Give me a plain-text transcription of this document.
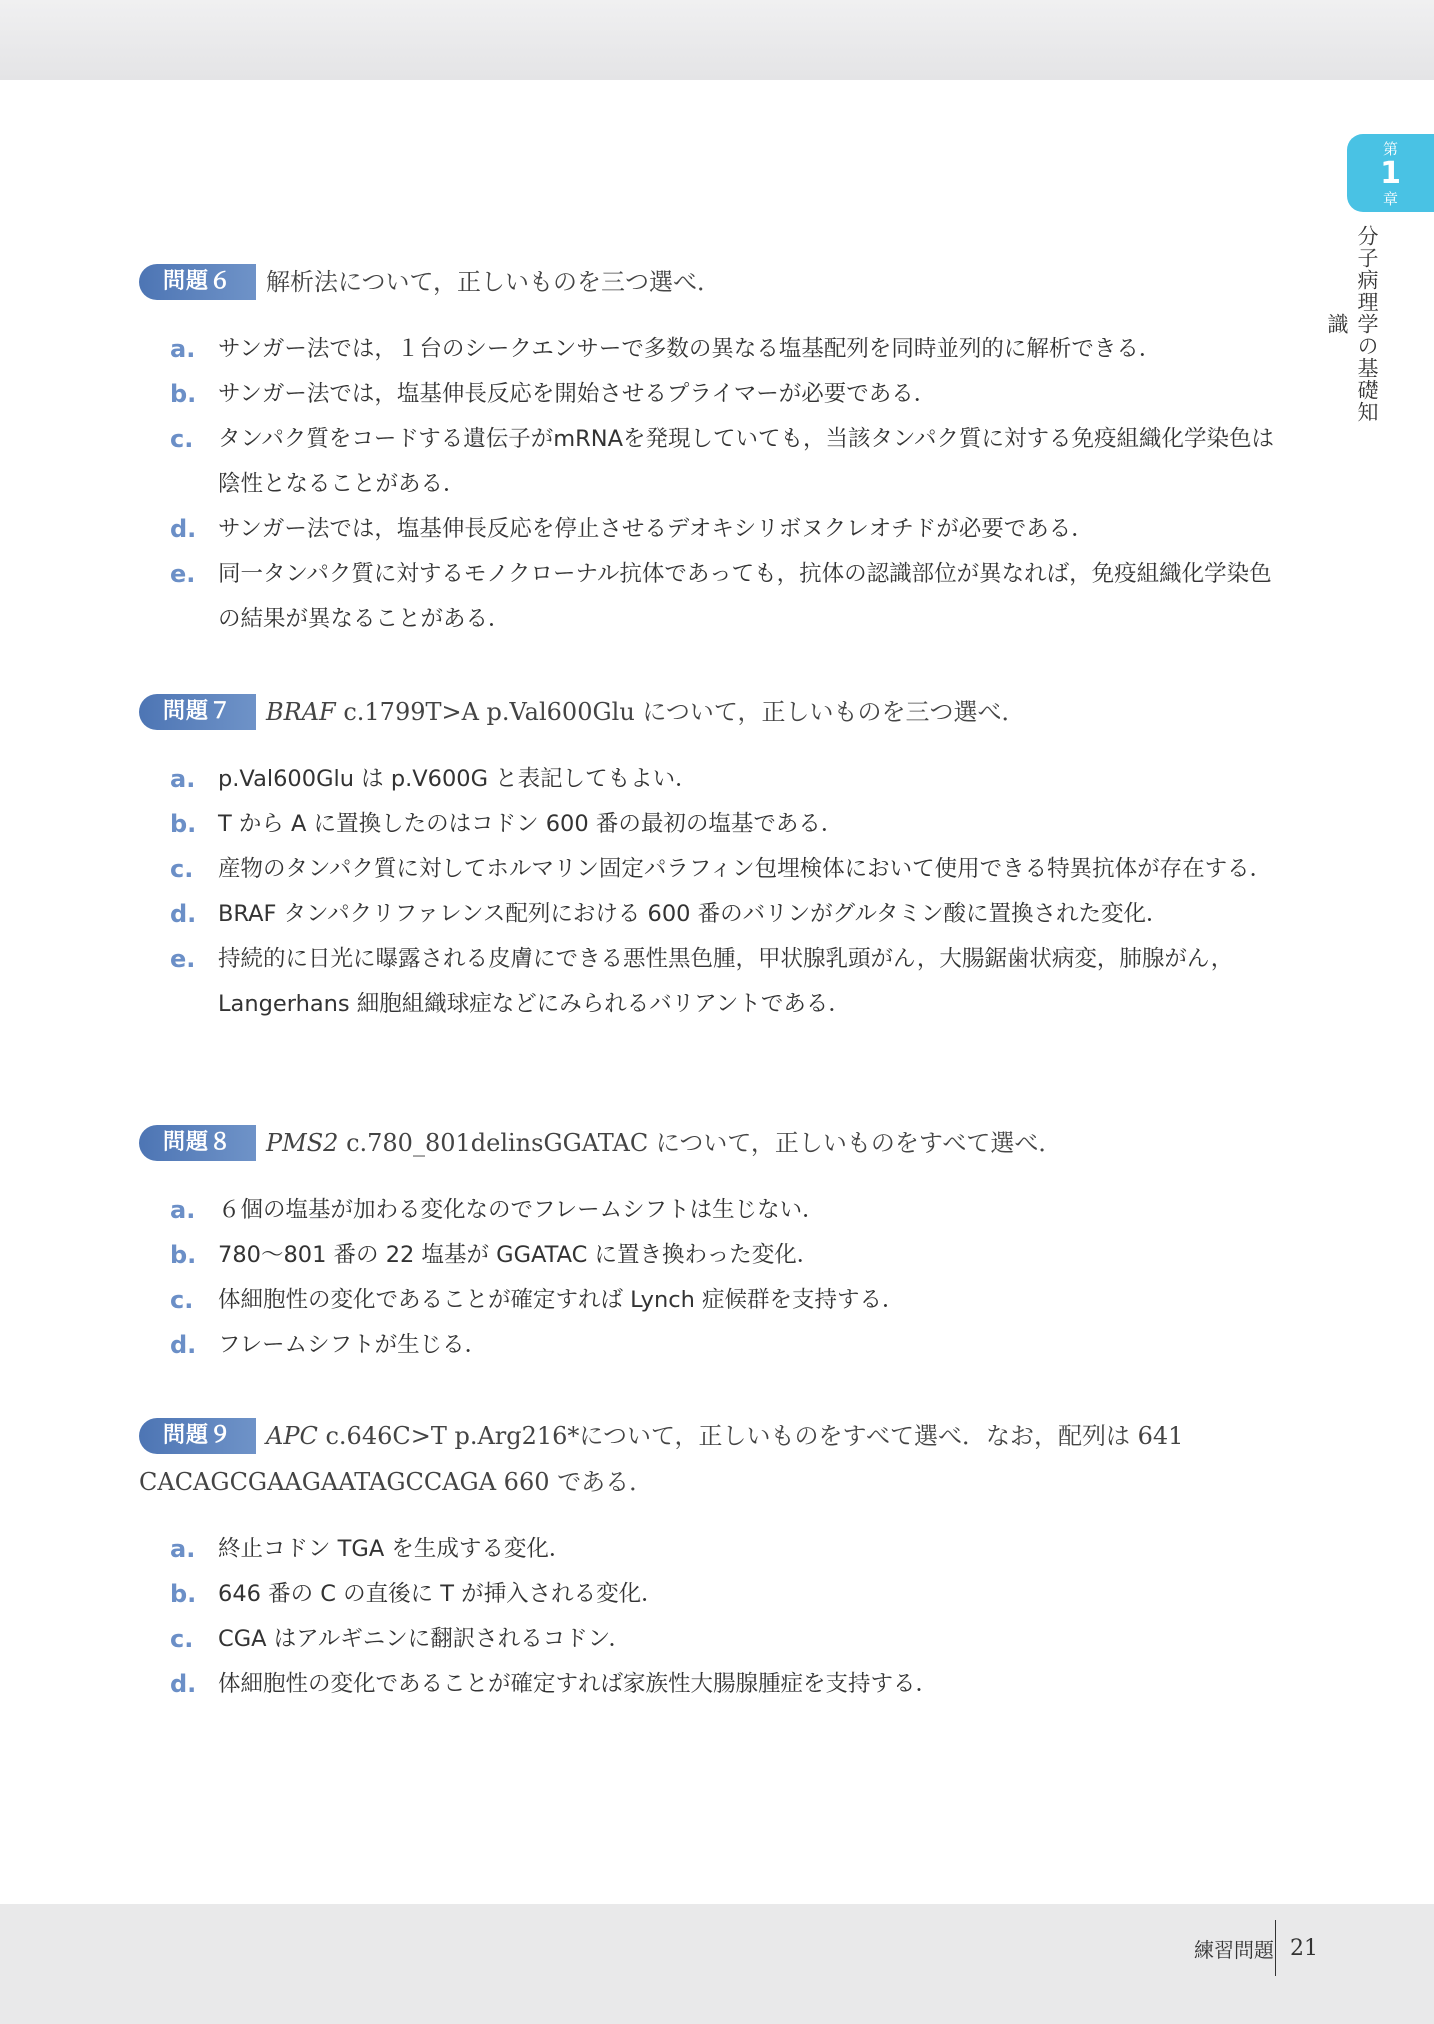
第
1
章
分子病理学の基礎知識
問題６	解析法について，正しいものを三つ選べ．
a.	サンガー法では，１台のシークエンサーで多数の異なる塩基配列を同時並列的に解析できる．
b. サンガー法では，塩基伸長反応を開始させるプライマーが必要である．
c.	タンパク質をコードする遺伝子がmRNAを発現していても，当該タンパク質に対する免疫組織化学染色は陰性となることがある．
d. サンガー法では，塩基伸長反応を停止させるデオキシリボヌクレオチドが必要である．
e.	同一タンパク質に対するモノクローナル抗体であっても，抗体の認識部位が異なれば，免疫組織化学染色の結果が異なることがある．
問題７	BRAF c.1799T>A p.Val600Glu について，正しいものを三つ選べ．
a.	p.Val600Glu は p.V600G と表記してもよい．
b. T から A に置換したのはコドン 600 番の最初の塩基である．
c.	産物のタンパク質に対してホルマリン固定パラフィン包埋検体において使用できる特異抗体が存在する．
d. BRAF タンパクリファレンス配列における 600 番のバリンがグルタミン酸に置換された変化．
e.	持続的に日光に曝露される皮膚にできる悪性黒色腫，甲状腺乳頭がん，大腸鋸歯状病変，肺腺がん，Langerhans 細胞組織球症などにみられるバリアントである．
問題８	PMS2 c.780_801delinsGGATAC について，正しいものをすべて選べ．
a.	６個の塩基が加わる変化なのでフレームシフトは生じない．
b. 780〜801 番の 22 塩基が GGATAC に置き換わった変化．
c.	体細胞性の変化であることが確定すれば Lynch 症候群を支持する．
d. フレームシフトが生じる．
問題９	APC c.646C>T p.Arg216*について，正しいものをすべて選べ．なお，配列は 641
CACAGCGAAGAATAGCCAGA 660 である．
a.	終止コドン TGA を生成する変化．
b. 646 番の C の直後に T が挿入される変化．
c.	CGA はアルギニンに翻訳されるコドン．
d. 体細胞性の変化であることが確定すれば家族性大腸腺腫症を支持する．
練習問題 21
